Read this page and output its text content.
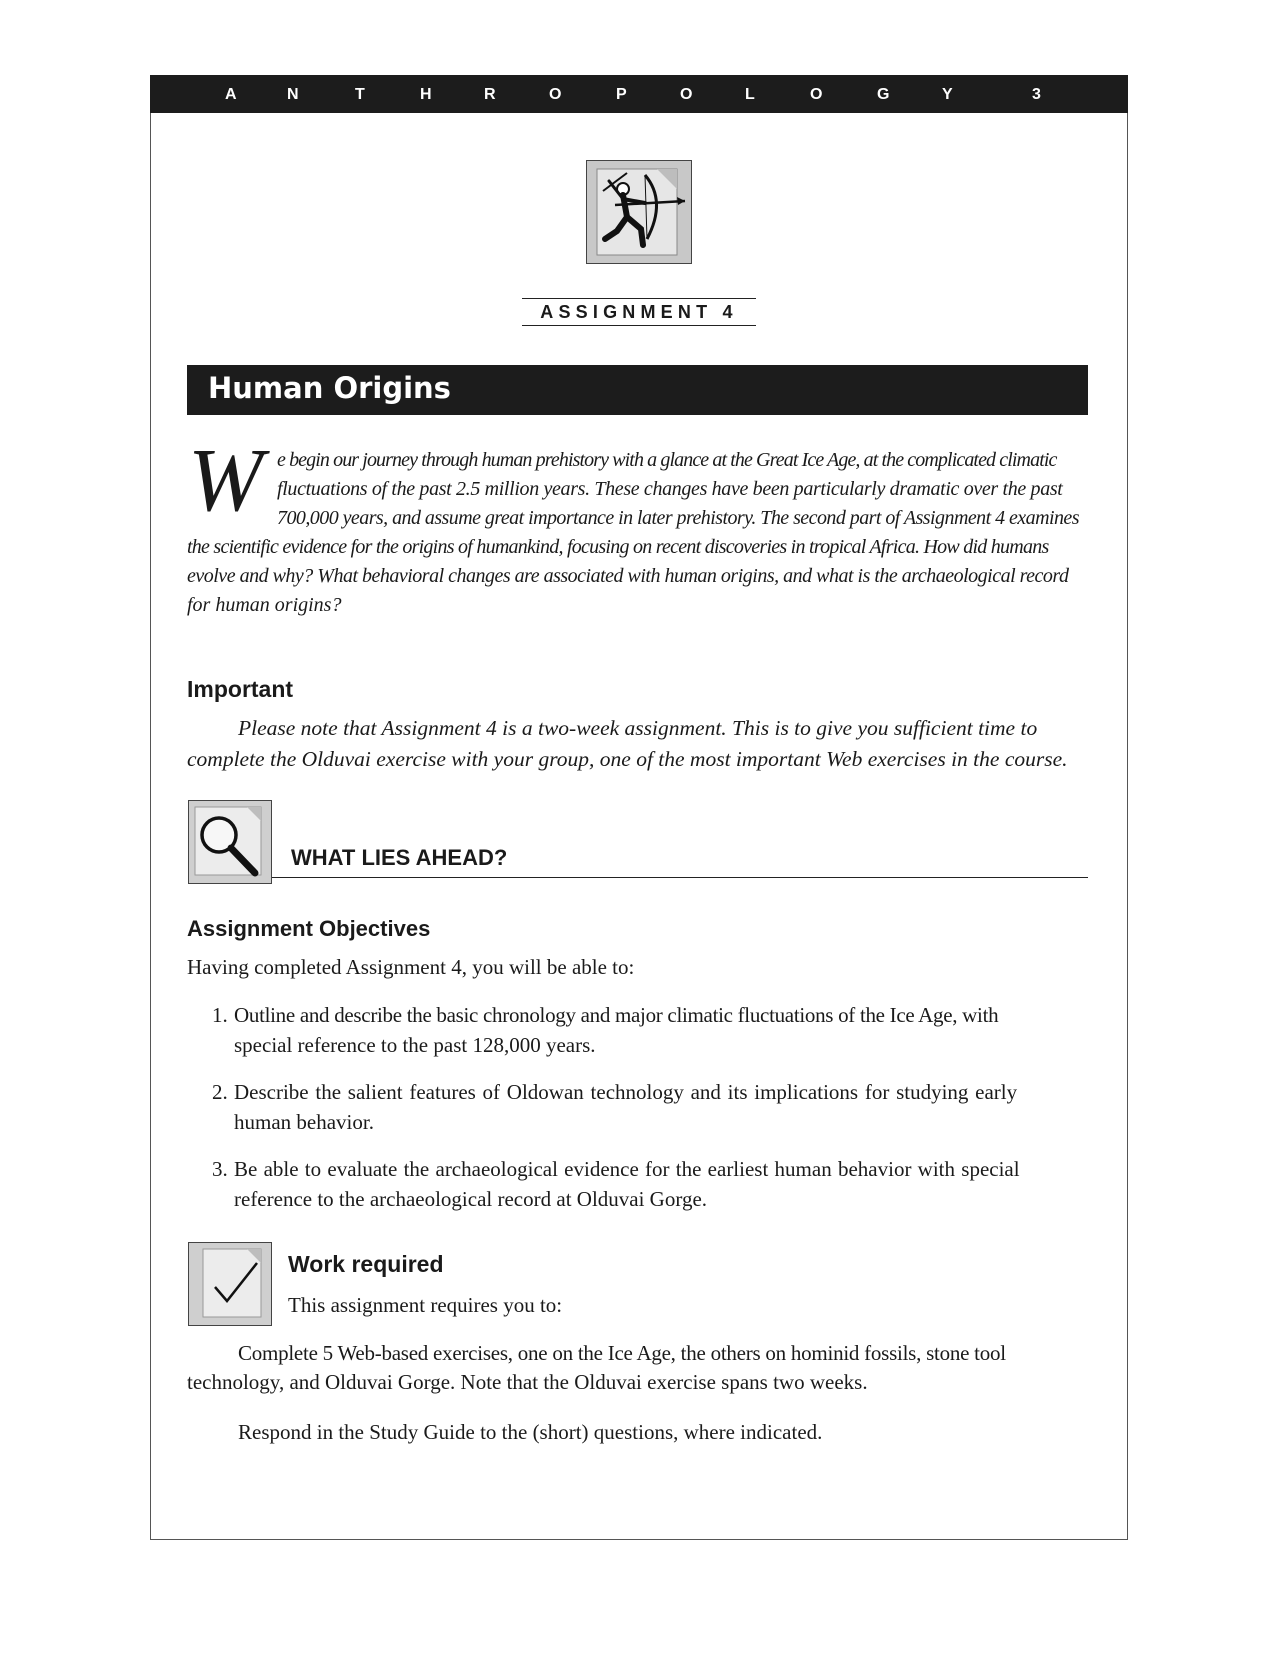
A	N	T	H	R	O	P	O	L	O	G	Y	3
ASSIGNMENT 4
Human Origins
W e begin our journey through human prehistory with a glance at the Great Ice Age, at the complicated climatic
fluctuations of the past 2.5 million years. These changes have been particularly dramatic over the past
700,000 years, and assume great importance in later prehistory. The second part of Assignment 4 examines
the scientific evidence for the origins of humankind, focusing on recent discoveries in tropical Africa. How did humans
evolve and why? What behavioral changes are associated with human origins, and what is the archaeological record
for human origins?
Important
Please note that Assignment 4 is a two-week assignment. This is to give you sufficient time to
complete the Olduvai exercise with your group, one of the most important Web exercises in the course.
WHAT LIES AHEAD?
Assignment Objectives
Having completed Assignment 4, you will be able to:
1. Outline and describe the basic chronology and major climatic fluctuations of the Ice Age, with
special reference to the past 128,000 years.
2. Describe the salient features of Oldowan technology and its implications for studying early
human behavior.
3. Be able to evaluate the archaeological evidence for the earliest human behavior with special
reference to the archaeological record at Olduvai Gorge.
Work required
This assignment requires you to:
Complete 5 Web-based exercises, one on the Ice Age, the others on hominid fossils, stone tool
technology, and Olduvai Gorge. Note that the Olduvai exercise spans two weeks.
Respond in the Study Guide to the (short) questions, where indicated.
